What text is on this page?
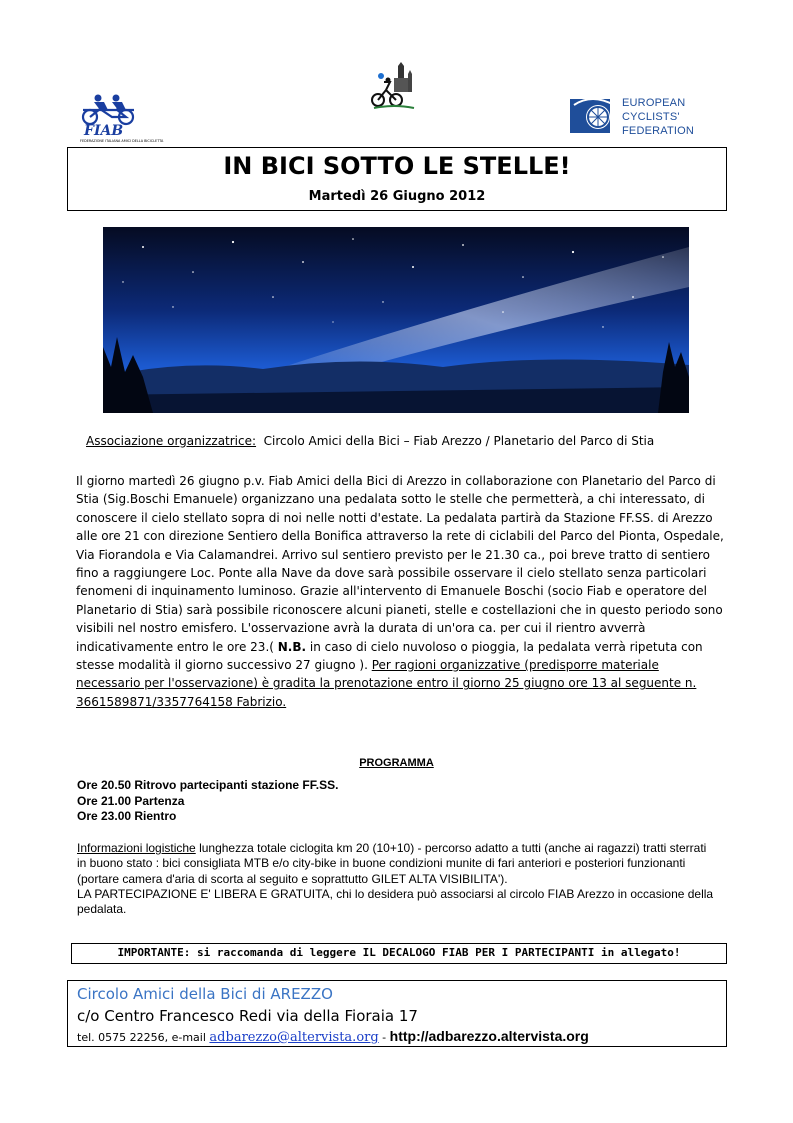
FIAB
FEDERAZIONE ITALIANA AMICI DELLA BICICLETTA
EUROPEAN
CYCLISTS'
FEDERATION
IN BICI SOTTO LE STELLE!
Martedì 26 Giugno 2012
Associazione organizzatrice:  Circolo Amici della Bici – Fiab Arezzo / Planetario del Parco di Stia
Il giorno martedì 26 giugno p.v. Fiab Amici della Bici di Arezzo in collaborazione con Planetario del Parco di Stia (Sig.Boschi Emanuele) organizzano una pedalata sotto le stelle che permetterà, a chi interessato, di conoscere il cielo stellato sopra di noi nelle notti d'estate. La pedalata partirà da Stazione FF.SS. di Arezzo alle ore 21 con direzione Sentiero della Bonifica attraverso la rete di ciclabili del Parco del Pionta, Ospedale, Via Fiorandola e Via Calamandrei. Arrivo sul sentiero previsto per le 21.30 ca., poi breve tratto di sentiero fino a raggiungere Loc. Ponte alla Nave da dove sarà possibile osservare il cielo stellato senza particolari fenomeni di inquinamento luminoso. Grazie all'intervento di Emanuele Boschi (socio Fiab e operatore del Planetario di Stia) sarà possibile riconoscere alcuni pianeti, stelle e costellazioni che in questo periodo sono visibili nel nostro emisfero. L'osservazione avrà la durata di un'ora ca. per cui il rientro avverrà indicativamente entro le ore 23.( N.B. in caso di cielo nuvoloso o pioggia, la pedalata verrà ripetuta con stesse modalità il giorno successivo 27 giugno ). Per ragioni organizzative (predisporre materiale necessario per l'osservazione) è gradita la prenotazione entro il giorno 25 giugno ore 13 al seguente n. 3661589871/3357764158 Fabrizio.
PROGRAMMA
Ore 20.50 Ritrovo partecipanti stazione FF.SS.
Ore 21.00 Partenza
Ore 23.00 Rientro
Informazioni logistiche lunghezza totale ciclogita km 20 (10+10) - percorso adatto a tutti (anche ai ragazzi) tratti sterrati in buono stato : bici consigliata MTB e/o city-bike in buone condizioni munite di fari anteriori e posteriori funzionanti (portare camera d'aria di scorta al seguito e soprattutto GILET ALTA VISIBILITA').
LA PARTECIPAZIONE E' LIBERA E GRATUITA, chi lo desidera può associarsi al circolo FIAB Arezzo in occasione della pedalata.
IMPORTANTE: si raccomanda di leggere IL DECALOGO FIAB PER I PARTECIPANTI in allegato!
Circolo Amici della Bici di AREZZO
c/o Centro Francesco Redi via della Fioraia 17
tel. 0575 22256, e-mail adbarezzo@altervista.org - http://adbarezzo.altervista.org
